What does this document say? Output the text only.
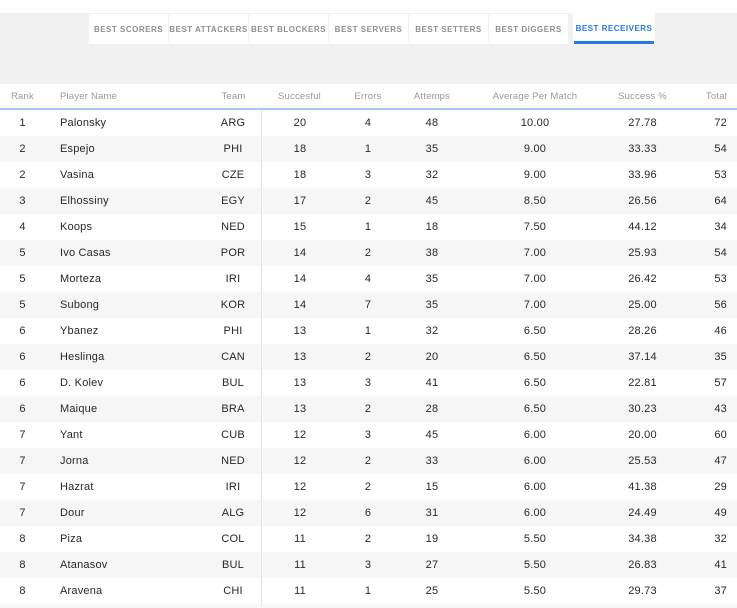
BEST SCORERS BEST ATTACKERS BEST BLOCKERS	BEST SERVERS	BEST SETTERS	BEST DIGGERS	BEST RECEIVERS
Rank	Player Name	Team	Succesful	Errors	Attemps	Average Per Match	Success %	Total
1	Palonsky	ARG	20	4	48	10.00	27.78	72
2	Espejo	PHI	18	1	35	9.00	33.33	54
2	Vasina	CZE	18	3	32	9.00	33.96	53
3	Elhossiny	EGY	17	2	45	8.50	26.56	64
4	Koops	NED	15	1	18	7.50	44.12	34
5	Ivo Casas	POR	14	2	38	7.00	25.93	54
5	Morteza	IRI	14	4	35	7.00	26.42	53
5	Subong	KOR	14	7	35	7.00	25.00	56
6	Ybanez	PHI	13	1	32	6.50	28.26	46
6	Heslinga	CAN	13	2	20	6.50	37.14	35
6	D. Kolev	BUL	13	3	41	6.50	22.81	57
6	Maique	BRA	13	2	28	6.50	30.23	43
7	Yant	CUB	12	3	45	6.00	20.00	60
7	Jorna	NED	12	2	33	6.00	25.53	47
7	Hazrat	IRI	12	2	15	6.00	41.38	29
7	Dour	ALG	12	6	31	6.00	24.49	49
8	Piza	COL	11	2	19	5.50	34.38	32
8	Atanasov	BUL	11	3	27	5.50	26.83	41
8	Aravena	CHI	11	1	25	5.50	29.73	37
